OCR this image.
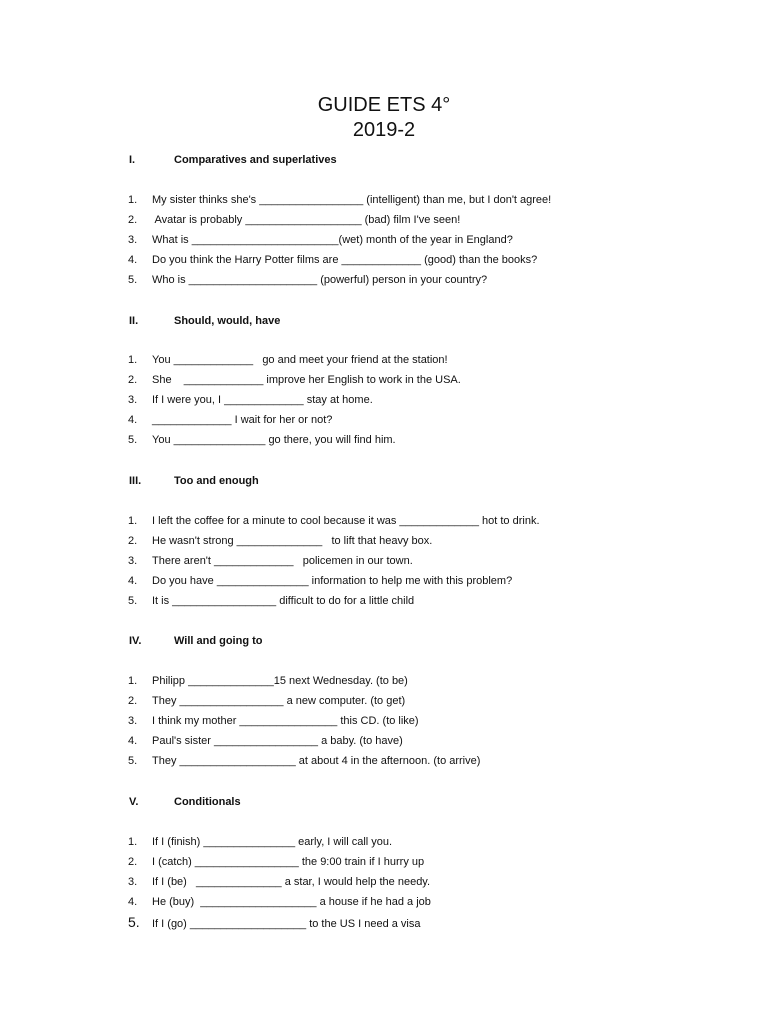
GUIDE ETS 4°
2019-2
I.	Comparatives and superlatives
1. My sister thinks she's _________________ (intelligent) than me, but I don't agree!
2. Avatar is probably ___________________ (bad) film I've seen!
3. What is ________________________(wet) month of the year in England?
4. Do you think the Harry Potter films are _____________ (good) than the books?
5. Who is _____________________ (powerful) person in your country?
II.	Should, would, have
1. You _____________   go and meet your friend at the station!
2. She    _____________ improve her English to work in the USA.
3. If I were you, I _____________ stay at home.
4. _____________ I wait for her or not?
5. You _______________ go there, you will find him.
III.	Too and enough
1. I left the coffee for a minute to cool because it was _____________ hot to drink.
2. He wasn't strong ______________   to lift that heavy box.
3. There aren't _____________   policemen in our town.
4. Do you have _______________ information to help me with this problem?
5. It is _________________ difficult to do for a little child
IV.	Will and going to
1. Philipp ______________15 next Wednesday. (to be)
2. They _________________ a new computer. (to get)
3. I think my mother ________________ this CD. (to like)
4. Paul's sister _________________ a baby. (to have)
5. They ___________________ at about 4 in the afternoon. (to arrive)
V.	Conditionals
1. If I (finish) _______________ early, I will call you.
2. I (catch) _________________ the 9:00 train if I hurry up
3. If I (be)   ______________ a star, I would help the needy.
4. He (buy)  ___________________ a house if he had a job
5. If I (go) ___________________ to the US I need a visa
